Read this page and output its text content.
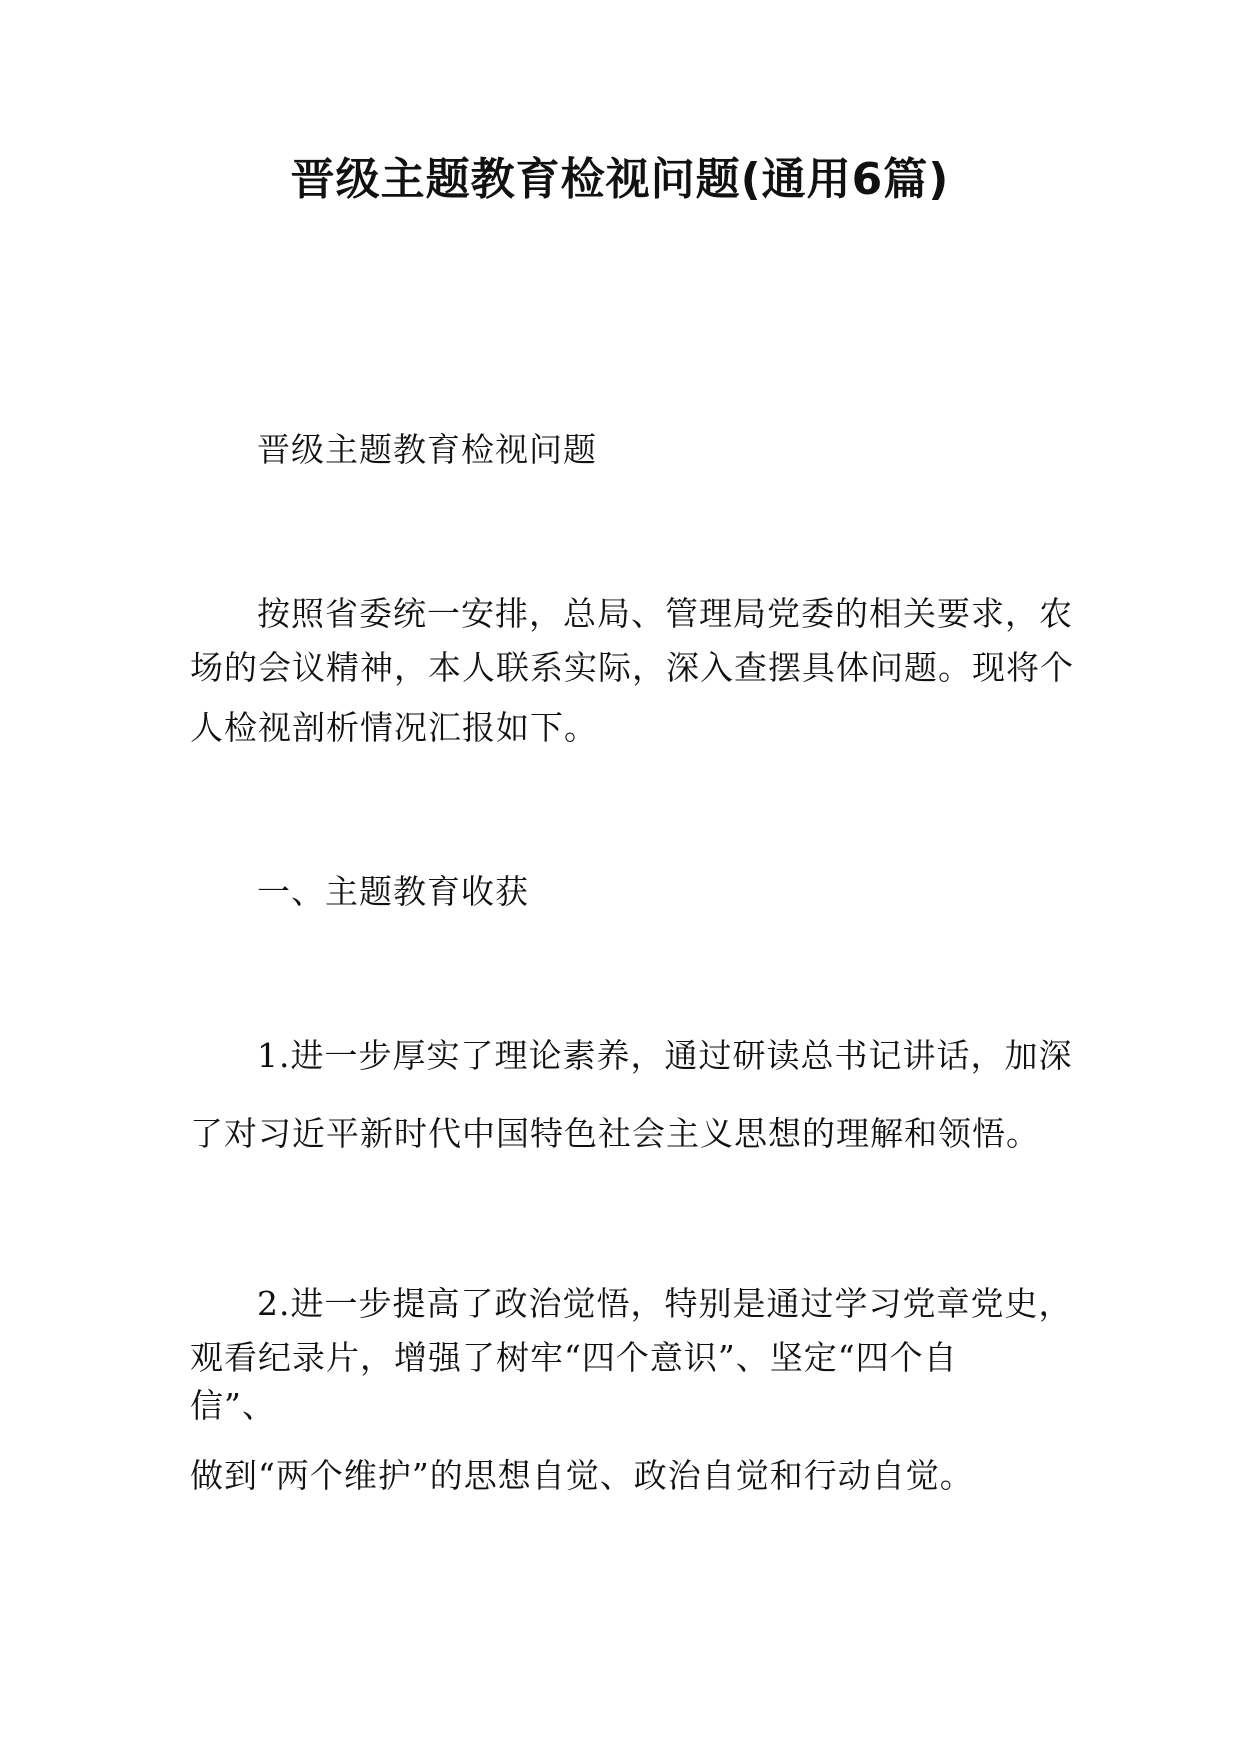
晋级主题教育检视问题(通用6篇)
晋级主题教育检视问题
按照省委统一安排，总局、管理局党委的相关要求，农
场的会议精神，本人联系实际，深入查摆具体问题。现将个
人检视剖析情况汇报如下。
一、主题教育收获
1.进一步厚实了理论素养，通过研读总书记讲话，加深
了对习近平新时代中国特色社会主义思想的理解和领悟。
2.进一步提高了政治觉悟，特别是通过学习党章党史，
观看纪录片，增强了树牢“四个意识”、坚定“四个自
信”、
做到“两个维护”的思想自觉、政治自觉和行动自觉。
